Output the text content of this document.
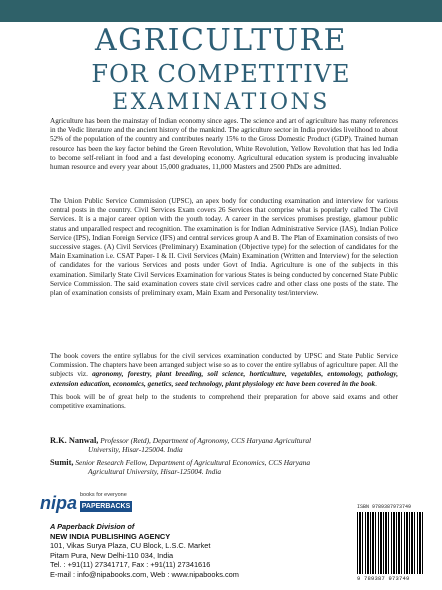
AGRICULTURE
FOR COMPETITIVE
EXAMINATIONS

Agriculture has been the mainstay of Indian economy since ages. The science and art of agriculture has many references in the Vedic literature and the ancient history of the mankind. The agriculture sector in India provides livelihood to about 52% of the population of the country and contributes nearly 15% to the Gross Domestic Product (GDP). Trained human resource has been the key factor behind the Green Revolution, White Revolution, Yellow Revolution that has led India to become self-reliant in food and a fast developing economy. Agricultural education system is producing invaluable human resource and every year about 15,000 graduates, 11,000 Masters and 2500 PhDs are admitted.

The Union Public Service Commission (UPSC), an apex body for conducting examination and interview for various central posts in the country. Civil Services Exam covers 26 Services that comprise what is popularly called The Civil Services. It is a major career option with the youth today. A career in the services promises prestige, glamour public status and unparalled respect and recognition. The examination is for Indian Administrative Service (IAS), Indian Police Service (IPS), Indian Foreign Service (IFS) and central services group A and B. The Plan of Examination consists of two successive stages. (A) Civil Services (Preliminary) Examination (Objective type) for the selection of candidates for the Main Examination i.e. CSAT Paper- I & II. Civil Services (Main) Examination (Written and Interview) for the selection of candidates for the various Services and posts under Govt of India. Agriculture is one of the subjects in this examination. Similarly State Civil Services Examination for various States is being conducted by concerned State Public Service Commission. The said examination covers state civil services cadre and other class one posts of the state. The plan of examination consists of preliminary exam, Main Exam and Personality test/interview.

The book covers the entire syllabus for the civil services examination conducted by UPSC and State Public Service Commission. The chapters have been arranged subject wise so as to cover the entire syllabus of agriculture paper. All the subjects viz. agronomy, forestry, plant breeding, soil science, horticulture, vegetables, entomology, pathology, extension education, economics, genetics, seed technology, plant physiology etc have been covered in the book.

This book will be of great help to the students to comprehend their preparation for above said exams and other competitive examinations.

R.K. Nanwal, Professor (Retd), Department of Agronomy, CCS Haryana Agricultural
University, Hisar-125004. India

Sumit, Senior Research Fellow, Department of Agricultural Economics, CCS Haryana
Agricultural University, Hisar-125004. India

nipa books for everyone
PAPERBACKS
A Paperback Division of
NEW INDIA PUBLISHING AGENCY
101, Vikas Surya Plaza, CU Block, L.S.C. Market
Pitam Pura, New Delhi-110 034, India
Tel. : +91(11) 27341717, Fax : +91(11) 27341616
E-mail : info@nipabooks.com, Web : www.nipabooks.com
ISBN 9789387973749
9 789387 973749
